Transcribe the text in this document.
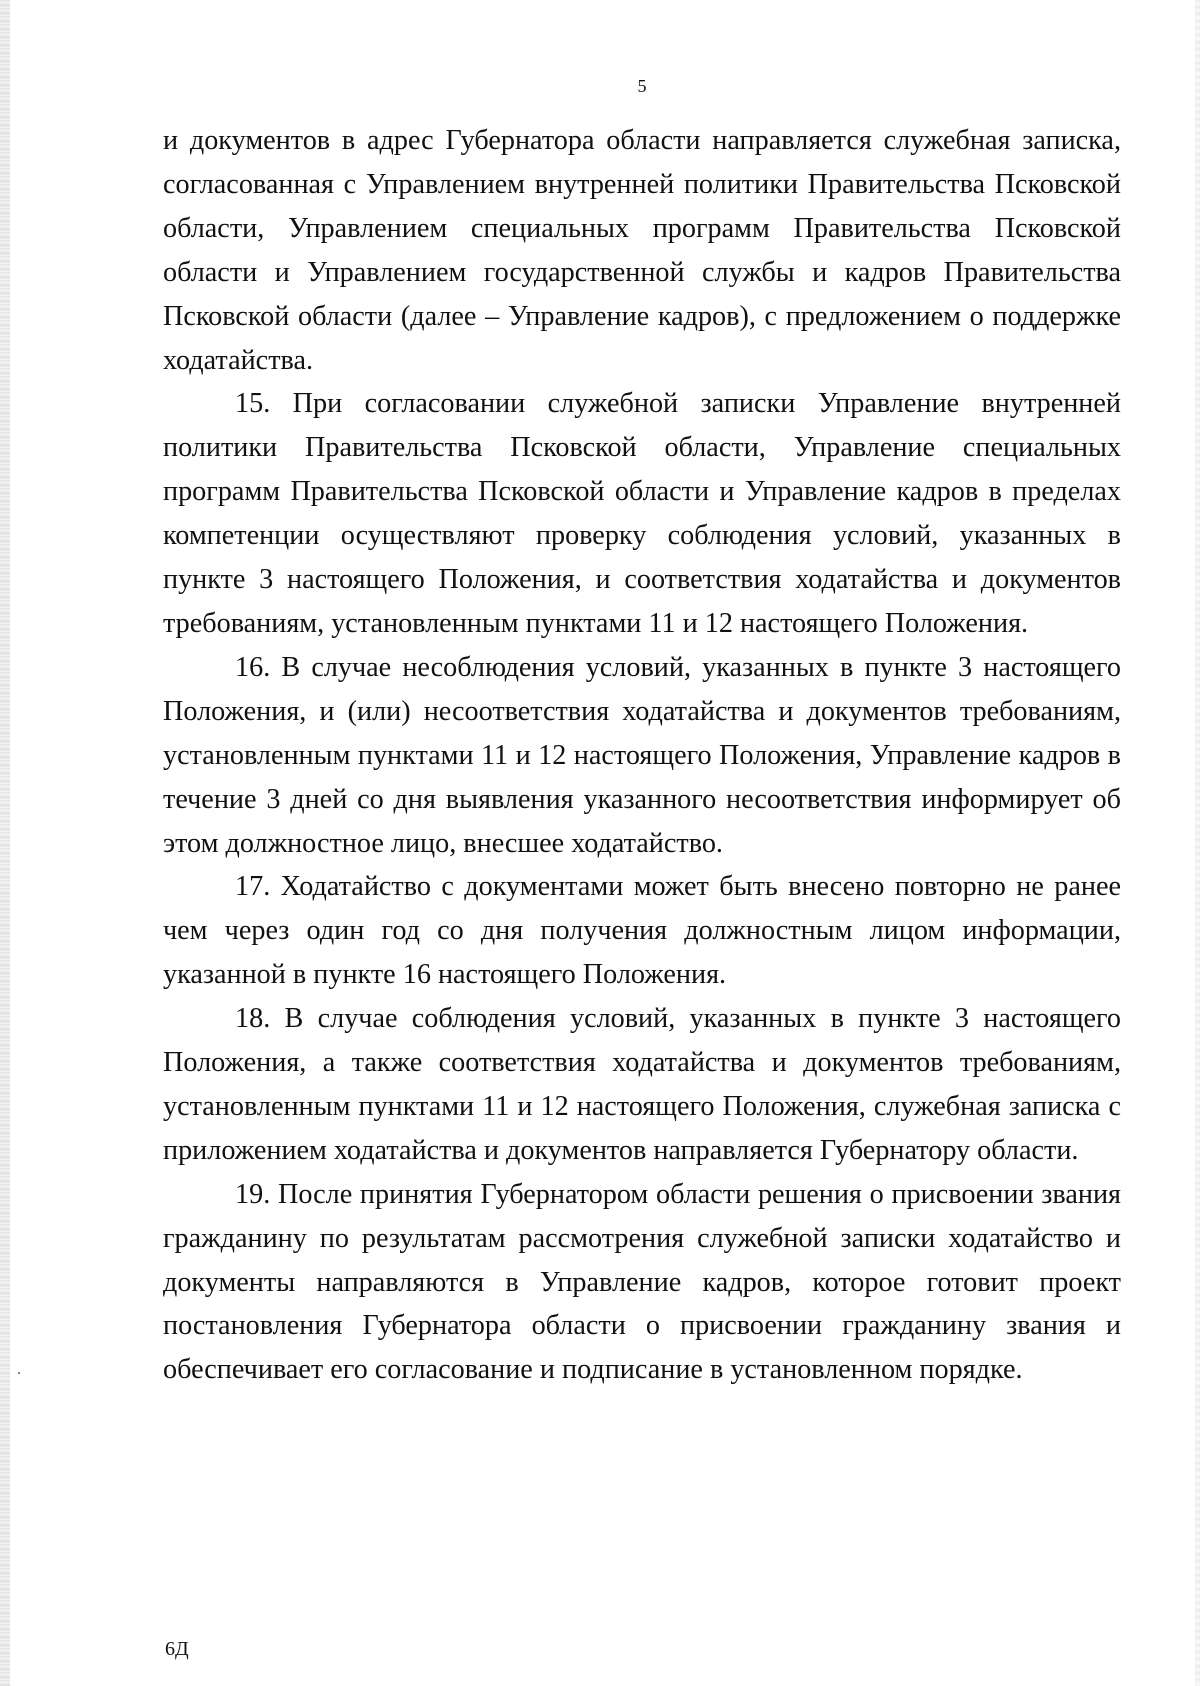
5

и документов в адрес Губернатора области направляется служебная записка, согласованная с Управлением внутренней политики Правительства Псковской области, Управлением специальных программ Правительства Псковской области и Управлением государственной службы и кадров Правительства Псковской области (далее – Управление кадров), с предложением о поддержке ходатайства.

15. При согласовании служебной записки Управление внутренней политики Правительства Псковской области, Управление специальных программ Правительства Псковской области и Управление кадров в пределах компетенции осуществляют проверку соблюдения условий, указанных в пункте 3 настоящего Положения, и соответствия ходатайства и документов требованиям, установленным пунктами 11 и 12 настоящего Положения.

16. В случае несоблюдения условий, указанных в пункте 3 настоящего Положения, и (или) несоответствия ходатайства и документов требованиям, установленным пунктами 11 и 12 настоящего Положения, Управление кадров в течение 3 дней со дня выявления указанного несоответствия информирует об этом должностное лицо, внесшее ходатайство.

17. Ходатайство с документами может быть внесено повторно не ранее чем через один год со дня получения должностным лицом информации, указанной в пункте 16 настоящего Положения.

18. В случае соблюдения условий, указанных в пункте 3 настоящего Положения, а также соответствия ходатайства и документов требованиям, установленным пунктами 11 и 12 настоящего Положения, служебная записка с приложением ходатайства и документов направляется Губернатору области.

19. После принятия Губернатором области решения о присвоении звания гражданину по результатам рассмотрения служебной записки ходатайство и документы направляются в Управление кадров, которое готовит проект постановления Губернатора области о присвоении гражданину звания и обеспечивает его согласование и подписание в установленном порядке.

6Д
